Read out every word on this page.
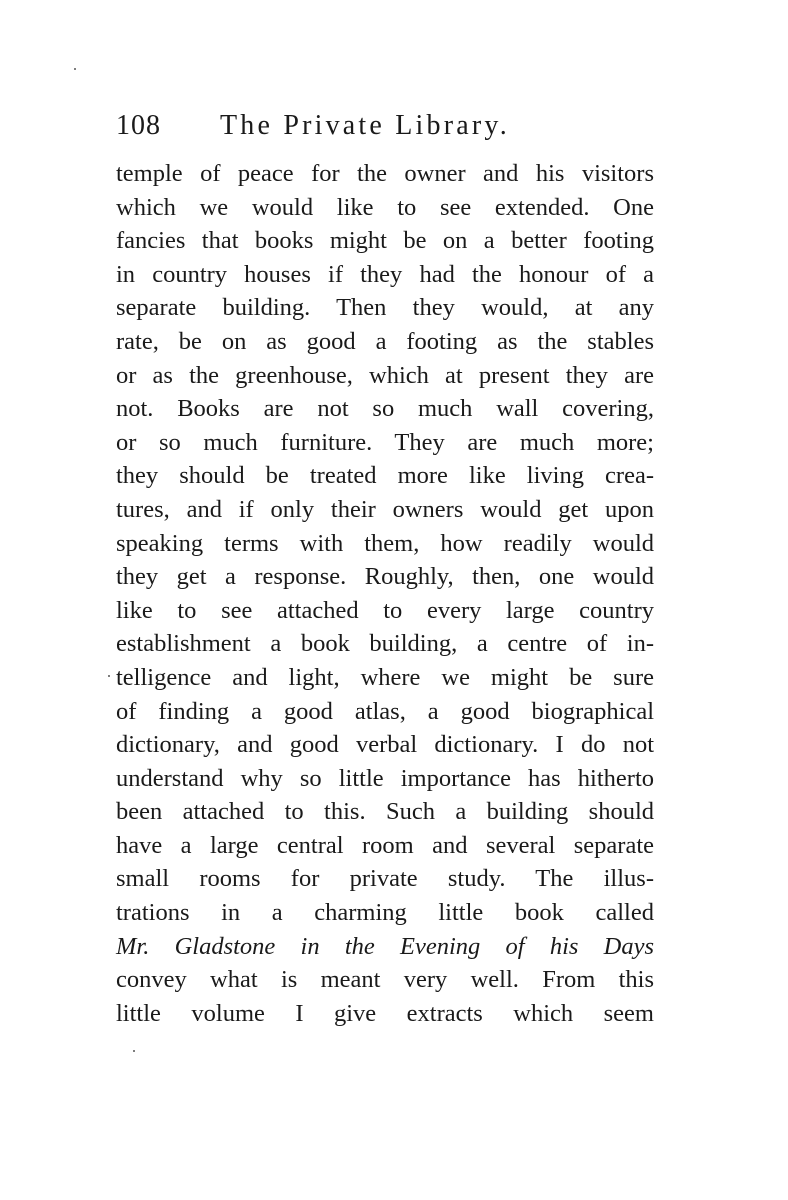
108 The Private Library.
temple of peace for the owner and his visitors
which we would like to see extended. One
fancies that books might be on a better footing
in country houses if they had the honour of a
separate building. Then they would, at any
rate, be on as good a footing as the stables
or as the greenhouse, which at present they are
not. Books are not so much wall covering,
or so much furniture. They are much more;
they should be treated more like living crea-
tures, and if only their owners would get upon
speaking terms with them, how readily would
they get a response. Roughly, then, one would
like to see attached to every large country
establishment a book building, a centre of in-
telligence and light, where we might be sure
of finding a good atlas, a good biographical
dictionary, and good verbal dictionary. I do not
understand why so little importance has hitherto
been attached to this. Such a building should
have a large central room and several separate
small rooms for private study. The illus-
trations in a charming little book called
Mr. Gladstone in the Evening of his Days
convey what is meant very well. From this
little volume I give extracts which seem
